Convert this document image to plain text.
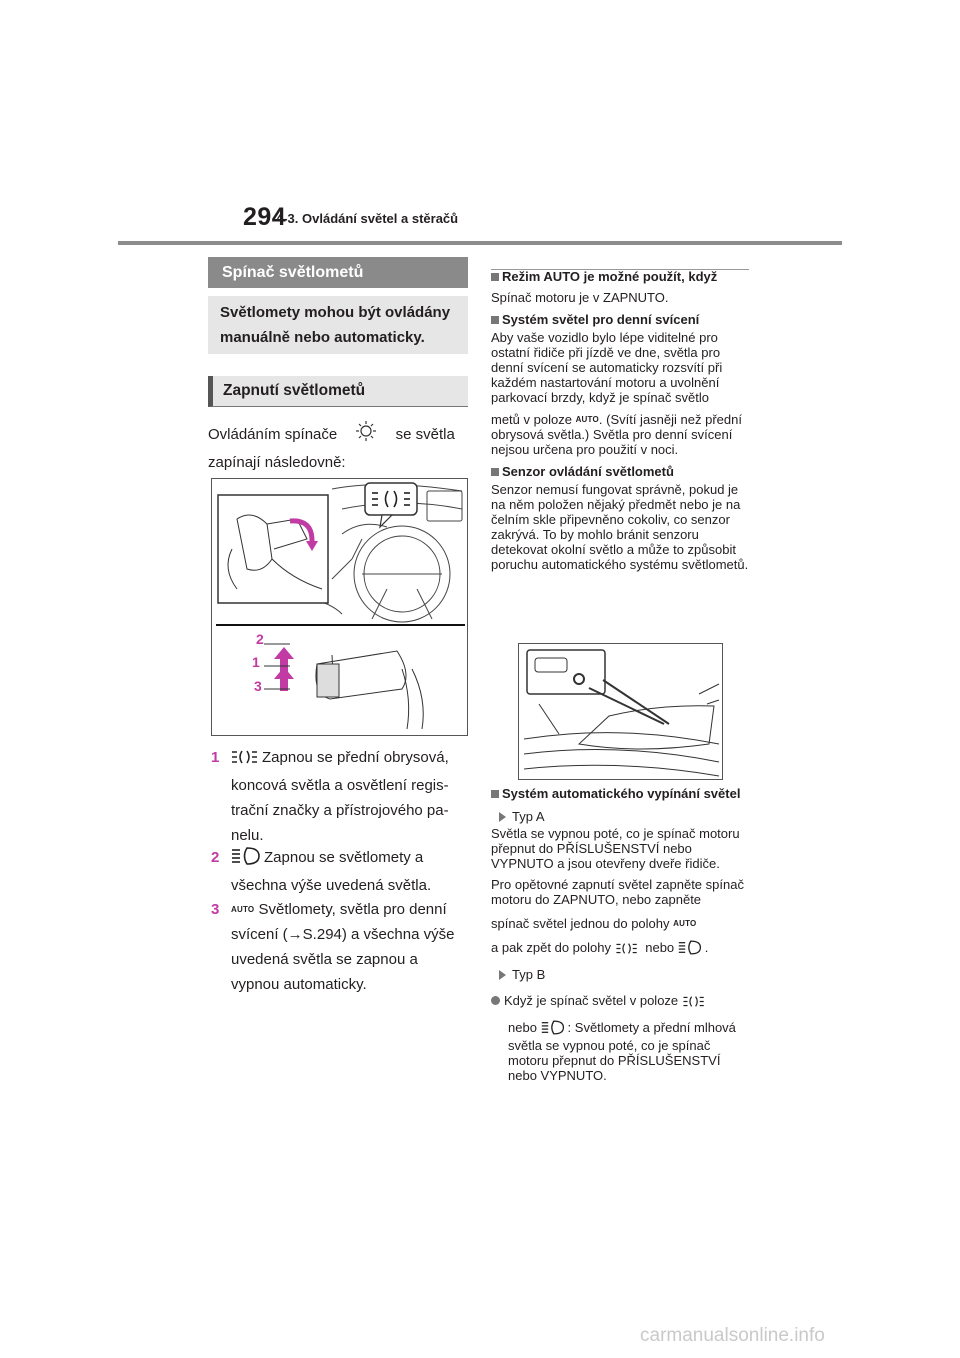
294
4-3. Ovládání světel a stěračů
Spínač světlometů
Světlomety mohou být ovládány manuálně nebo automaticky.
Zapnutí světlometů
Ovládáním spínače	se světla zapínají následovně:
2
1
3
1	Zapnou se přední obrysová, koncová světla a osvětlení registrační značky a přístrojového panelu.
2	Zapnou se světlomety a všechna výše uvedená světla.
3	AUTO Světlomety, světla pro denní svícení (→S.294) a všechna výše uvedená světla se zapnou a vypnou automaticky.
Režim AUTO je možné použít, když
Spínač motoru je v ZAPNUTO.
Systém světel pro denní svícení
Aby vaše vozidlo bylo lépe viditelné pro ostatní řidiče při jízdě ve dne, světla pro denní svícení se automaticky rozsvítí při každém nastartování motoru a uvolnění parkovací brzdy, když je spínač světlo
metů v poloze AUTO. (Svítí jasněji než přední obrysová světla.) Světla pro denní svícení nejsou určena pro použití v noci.
Senzor ovládání světlometů
Senzor nemusí fungovat správně, pokud je na něm položen nějaký předmět nebo je na čelním skle připevněno cokoliv, co senzor zakrývá. To by mohlo bránit senzoru detekovat okolní světlo a může to způsobit poruchu automatického systému světlometů.
Systém automatického vypínání světel
Typ A
Světla se vypnou poté, co je spínač motoru přepnut do PŘÍSLUŠENSTVÍ nebo VYPNUTO a jsou otevřeny dveře řidiče.
Pro opětovné zapnutí světel zapněte spínač motoru do ZAPNUTO, nebo zapněte
spínač světel jednou do polohy AUTO
a pak zpět do polohy	nebo .
Typ B
Když je spínač světel v poloze
nebo : Světlomety a přední mlhová světla se vypnou poté, co je spínač motoru přepnut do PŘÍSLUŠENSTVÍ nebo VYPNUTO.
carmanualsonline.info
